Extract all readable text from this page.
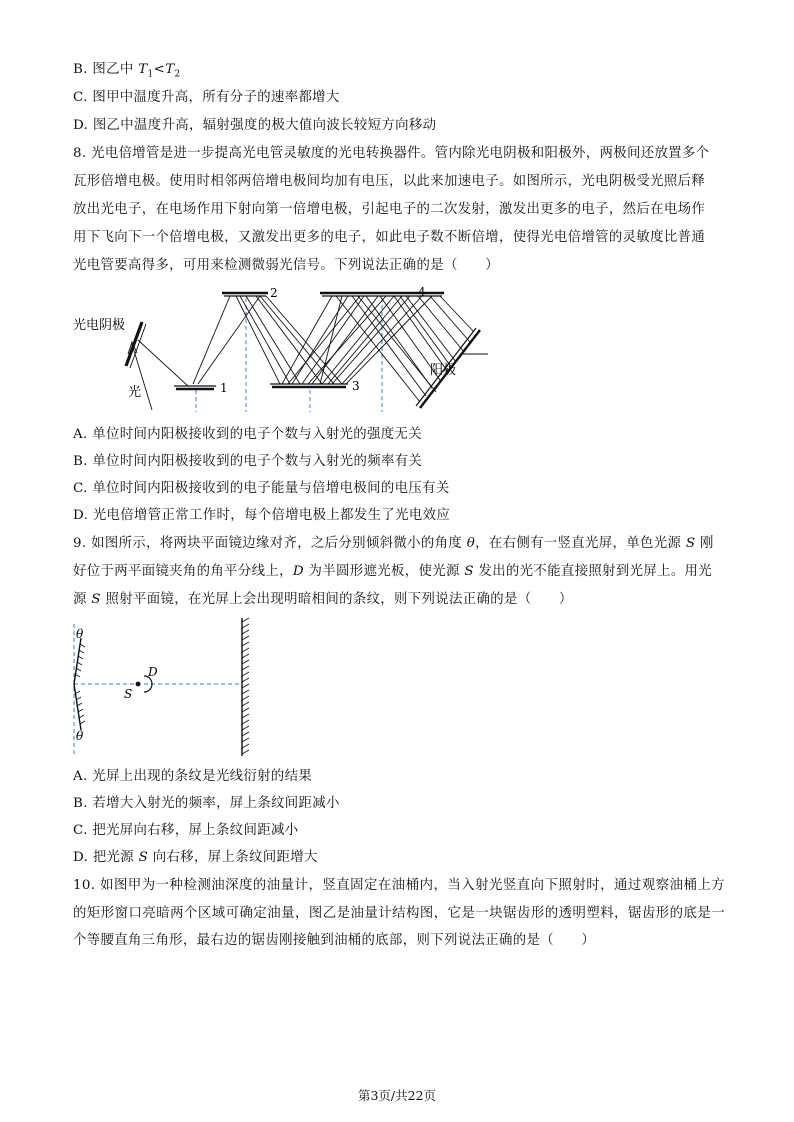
B. 图乙中 $T_1<T_2$
C. 图甲中温度升高，所有分子的速率都增大
D. 图乙中温度升高，辐射强度的极大值向波长较短方向移动
8. 光电倍增管是进一步提高光电管灵敏度的光电转换器件。管内除光电阴极和阳极外，两极间还放置多个
瓦形倍增电极。使用时相邻两倍增电极间均加有电压，以此来加速电子。如图所示，光电阴极受光照后释
放出光电子，在电场作用下射向第一倍增电极，引起电子的二次发射，激发出更多的电子，然后在电场作
用下飞向下一个倍增电极，又激发出更多的电子，如此电子数不断倍增，使得光电倍增管的灵敏度比普通
光电管要高得多，可用来检测微弱光信号。下列说法正确的是（　　）
光电阴极
光
阳极
1
2
3
4
A. 单位时间内阳极接收到的电子个数与入射光的强度无关
B. 单位时间内阳极接收到的电子个数与入射光的频率有关
C. 单位时间内阳极接收到的电子能量与倍增电极间的电压有关
D. 光电倍增管正常工作时，每个倍增电极上都发生了光电效应
9. 如图所示，将两块平面镜边缘对齐，之后分别倾斜微小的角度 θ，在右侧有一竖直光屏，单色光源 S 刚
好位于两平面镜夹角的角平分线上，D 为半圆形遮光板，使光源 S 发出的光不能直接照射到光屏上。用光
源 S 照射平面镜，在光屏上会出现明暗相间的条纹，则下列说法正确的是（　　）
θ
θ
D
S
A. 光屏上出现的条纹是光线衍射的结果
B. 若增大入射光的频率，屏上条纹间距减小
C. 把光屏向右移，屏上条纹间距减小
D. 把光源 S 向右移，屏上条纹间距增大
10. 如图甲为一种检测油深度的油量计，竖直固定在油桶内，当入射光竖直向下照射时，通过观察油桶上方的矩形窗口亮暗两个区域可确定油量，图乙是油量计结构图，它是一块锯齿形的透明塑料，锯齿形的底是一个等腰直角三角形，最右边的锯齿刚接触到油桶的底部，则下列说法正确的是（　　）
第3页/共22页
